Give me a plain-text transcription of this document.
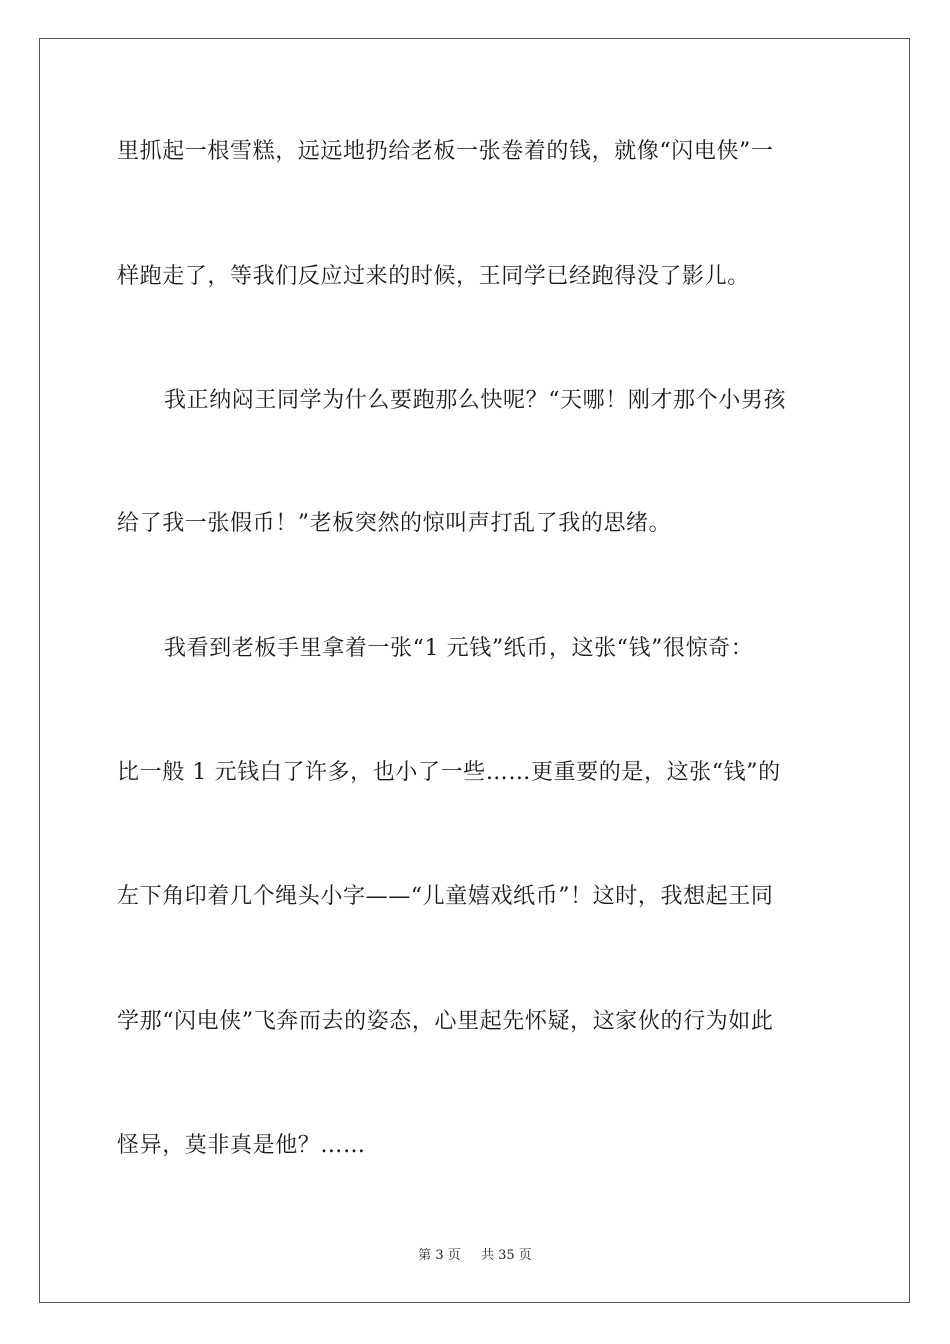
里抓起一根雪糕，远远地扔给老板一张卷着的钱，就像“闪电侠”一
样跑走了，等我们反应过来的时候，王同学已经跑得没了影儿。
我正纳闷王同学为什么要跑那么快呢？“天哪！刚才那个小男孩
给了我一张假币！”老板突然的惊叫声打乱了我的思绪。
我看到老板手里拿着一张“1 元钱”纸币，这张“钱”很惊奇：
比一般 1 元钱白了许多，也小了一些……更重要的是，这张“钱”的
左下角印着几个绳头小字——“儿童嬉戏纸币”！这时，我想起王同
学那“闪电侠”飞奔而去的姿态，心里起先怀疑，这家伙的行为如此
怪异，莫非真是他？……
第 3 页 共 35 页
